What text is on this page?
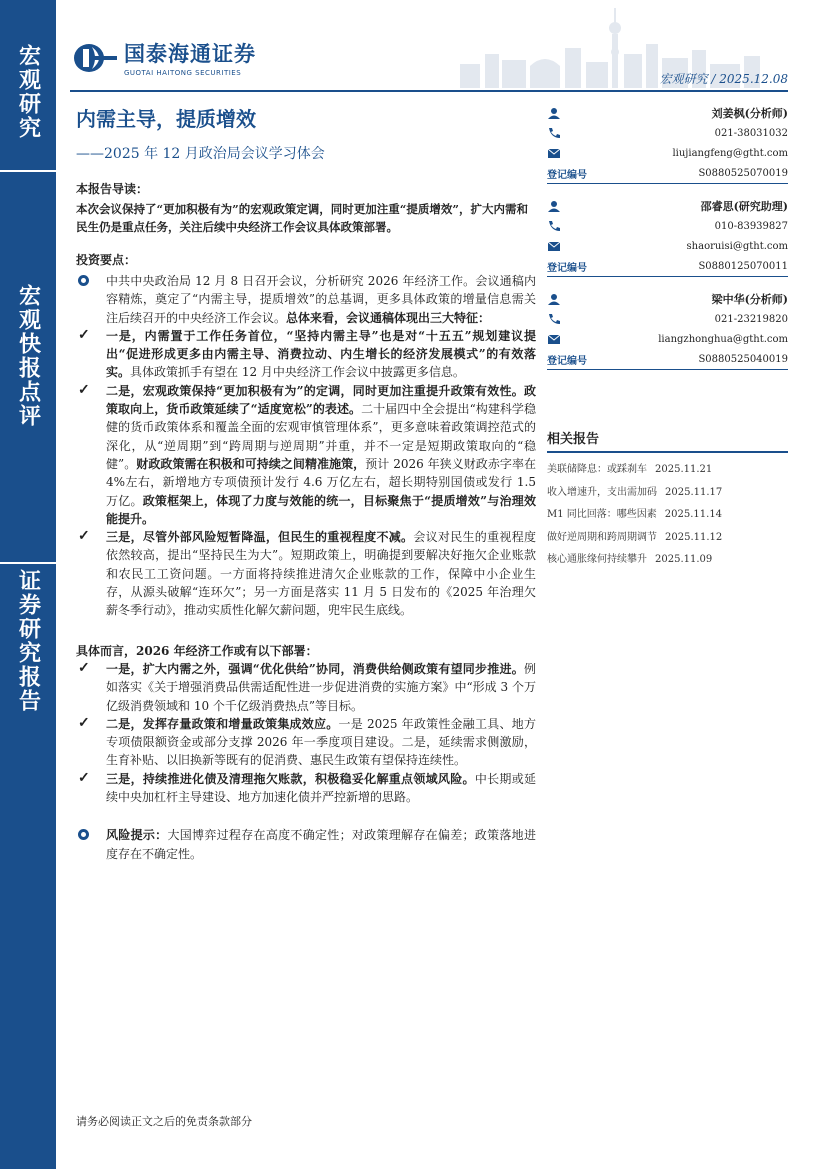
宏观研究
宏观快报点评
证券研究报告
国泰海通证券
GUOTAI HAITONG SECURITIES	宏观研究 / 2025.12.08
内需主导，提质增效
——2025 年 12 月政治局会议学习体会
刘姜枫(分析师)
021-38031032
liujiangfeng@gtht.com
登记编号	S0880525070019
邵睿思(研究助理)
010-83939827
shaoruisi@gtht.com
登记编号	S0880125070011
梁中华(分析师)
021-23219820
liangzhonghua@gtht.com
登记编号	S0880525040019
相关报告
美联储降息：或踩刹车 2025.11.21
收入增速升，支出需加码 2025.11.17
M1 同比回落：哪些因素 2025.11.14
做好逆周期和跨周期调节 2025.11.12
核心通胀缘何持续攀升 2025.11.09
本报告导读：
本次会议保持了“更加积极有为”的宏观政策定调，同时更加注重“提质增效”，扩大内需和民生仍是重点任务，关注后续中央经济工作会议具体政策部署。
投资要点：
中共中央政治局 12 月 8 日召开会议，分析研究 2026 年经济工作。会议通稿内容精炼，奠定了“内需主导，提质增效”的总基调，更多具体政策的增量信息需关注后续召开的中央经济工作会议。总体来看，会议通稿体现出三大特征：
✓ 一是，内需置于工作任务首位，“坚持内需主导”也是对“十五五”规划建议提出“促进形成更多由内需主导、消费拉动、内生增长的经济发展模式”的有效落实。具体政策抓手有望在 12 月中央经济工作会议中披露更多信息。
✓ 二是，宏观政策保持“更加积极有为”的定调，同时更加注重提升政策有效性。政策取向上，货币政策延续了“适度宽松”的表述。二十届四中全会提出“构建科学稳健的货币政策体系和覆盖全面的宏观审慎管理体系”，更多意味着政策调控范式的深化，从“逆周期”到“跨周期与逆周期”并重，并不一定是短期政策取向的“稳健”。财政政策需在积极和可持续之间精准施策，预计 2026 年狭义财政赤字率在 4%左右，新增地方专项债预计发行 4.6 万亿左右，超长期特别国债或发行 1.5 万亿。政策框架上，体现了力度与效能的统一，目标聚焦于“提质增效”与治理效能提升。
✓ 三是，尽管外部风险短暂降温，但民生的重视程度不减。会议对民生的重视程度依然较高，提出“坚持民生为大”。短期政策上，明确提到要解决好拖欠企业账款和农民工工资问题。一方面将持续推进清欠企业账款的工作，保障中小企业生存，从源头破解“连环欠”；另一方面是落实 11 月 5 日发布的《2025 年治理欠薪冬季行动》，推动实质性化解欠薪问题，兜牢民生底线。
具体而言，2026 年经济工作或有以下部署：
✓ 一是，扩大内需之外，强调“优化供给”协同，消费供给侧政策有望同步推进。例如落实《关于增强消费品供需适配性进一步促进消费的实施方案》中“形成 3 个万亿级消费领域和 10 个千亿级消费热点”等目标。
✓ 二是，发挥存量政策和增量政策集成效应。一是 2025 年政策性金融工具、地方专项债限额资金或部分支撑 2026 年一季度项目建设。二是，延续需求侧激励，生育补贴、以旧换新等既有的促消费、惠民生政策有望保持连续性。
✓ 三是，持续推进化债及清理拖欠账款，积极稳妥化解重点领域风险。中长期或延续中央加杠杆主导建设、地方加速化债并严控新增的思路。
风险提示：大国博弈过程存在高度不确定性；对政策理解存在偏差；政策落地进度存在不确定性。
请务必阅读正文之后的免责条款部分
